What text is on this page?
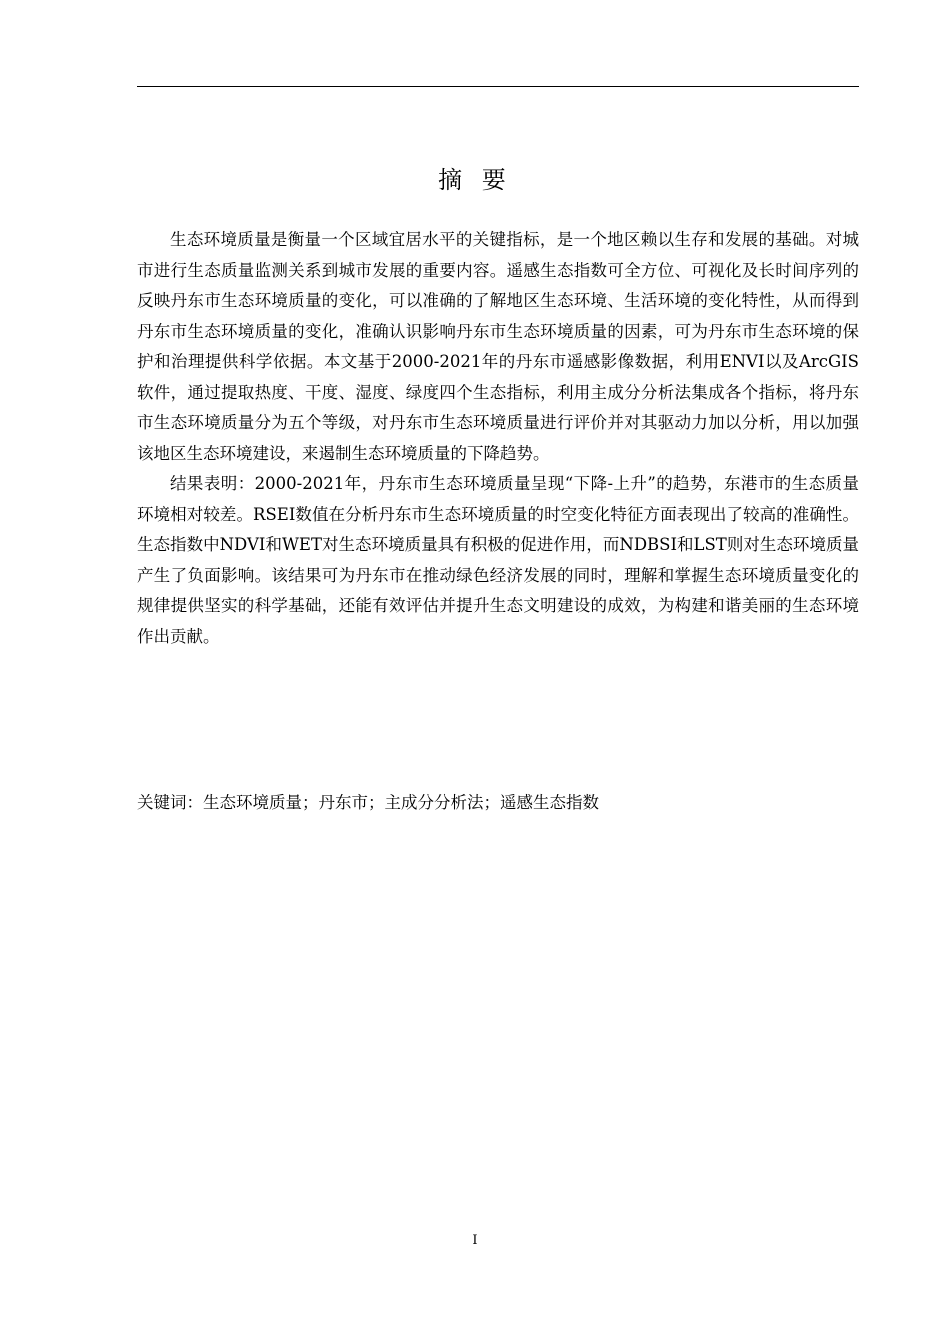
摘 要

生态环境质量是衡量一个区域宜居水平的关键指标，是一个地区赖以生存和发展的基础。对城市进行生态质量监测关系到城市发展的重要内容。遥感生态指数可全方位、可视化及长时间序列的反映丹东市生态环境质量的变化，可以准确的了解地区生态环境、生活环境的变化特性，从而得到丹东市生态环境质量的变化，准确认识影响丹东市生态环境质量的因素，可为丹东市生态环境的保护和治理提供科学依据。本文基于2000-2021年的丹东市遥感影像数据，利用ENVI以及ArcGIS软件，通过提取热度、干度、湿度、绿度四个生态指标，利用主成分分析法集成各个指标，将丹东市生态环境质量分为五个等级，对丹东市生态环境质量进行评价并对其驱动力加以分析，用以加强该地区生态环境建设，来遏制生态环境质量的下降趋势。

结果表明：2000-2021年，丹东市生态环境质量呈现“下降-上升”的趋势，东港市的生态质量环境相对较差。RSEI数值在分析丹东市生态环境质量的时空变化特征方面表现出了较高的准确性。生态指数中NDVI和WET对生态环境质量具有积极的促进作用，而NDBSI和LST则对生态环境质量产生了负面影响。该结果可为丹东市在推动绿色经济发展的同时，理解和掌握生态环境质量变化的规律提供坚实的科学基础，还能有效评估并提升生态文明建设的成效，为构建和谐美丽的生态环境作出贡献。

关键词：生态环境质量；丹东市；主成分分析法；遥感生态指数
I
